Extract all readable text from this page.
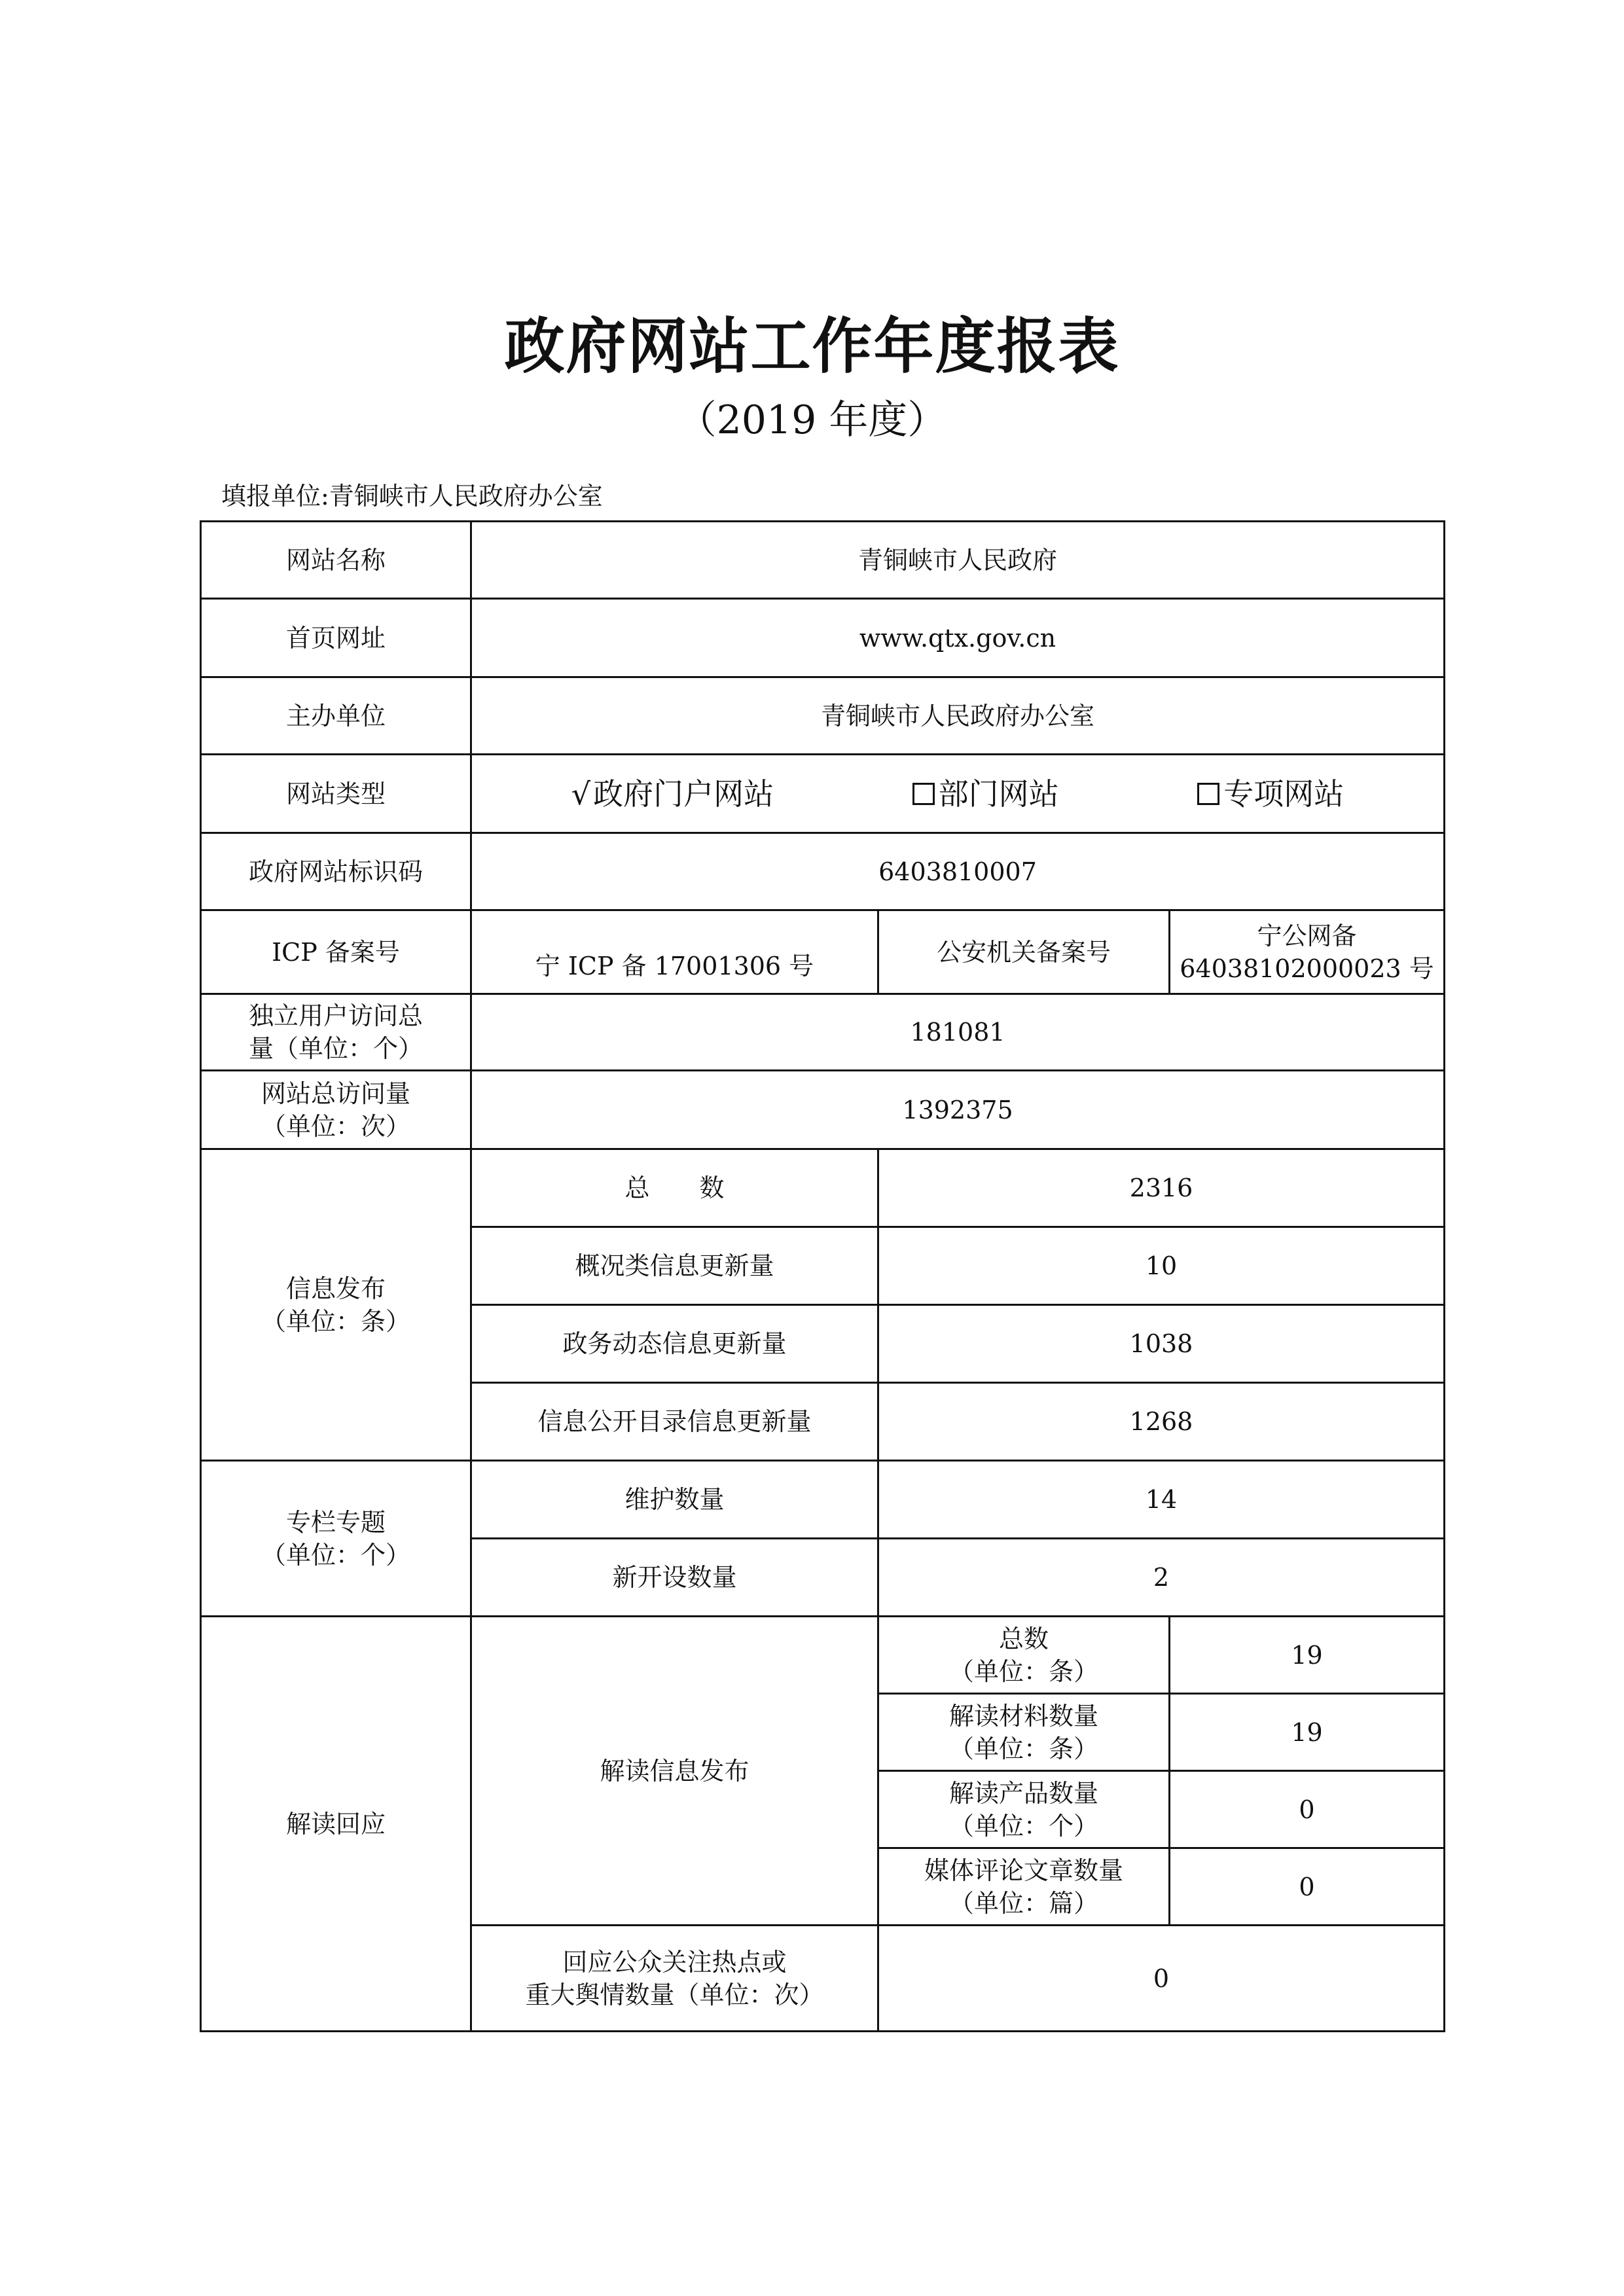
政府网站工作年度报表
（2019 年度）
填报单位:青铜峡市人民政府办公室
网站名称	青铜峡市人民政府		
首页网址	www.qtx.gov.cn		
主办单位	青铜峡市人民政府办公室		
网站类型	√ 政府门户网站 部门网站 专项网站		

政府网站标识码	6403810007		
ICP 备案号	宁 ICP 备 17001306 号	公安机关备案号	宁公网备
64038102000023 号

独立用户访问总
量（单位：个）	181081		

网站总访问量
（单位：次）	1392375		

信息发布
（单位：条）	总　　数	2316	
	概况类信息更新量	10	
	政务动态信息更新量	1038	
	信息公开目录信息更新量	1268	

专栏专题
（单位：个）	维护数量	14	
	新开设数量	2	
解读回应	解读信息发布	总数
（单位：条）	19

		解读材料数量
（单位：条）	19

		解读产品数量
（单位：个）	0

		媒体评论文章数量
（单位：篇）	0

	回应公众关注热点或
重大舆情数量（单位：次）	0	
